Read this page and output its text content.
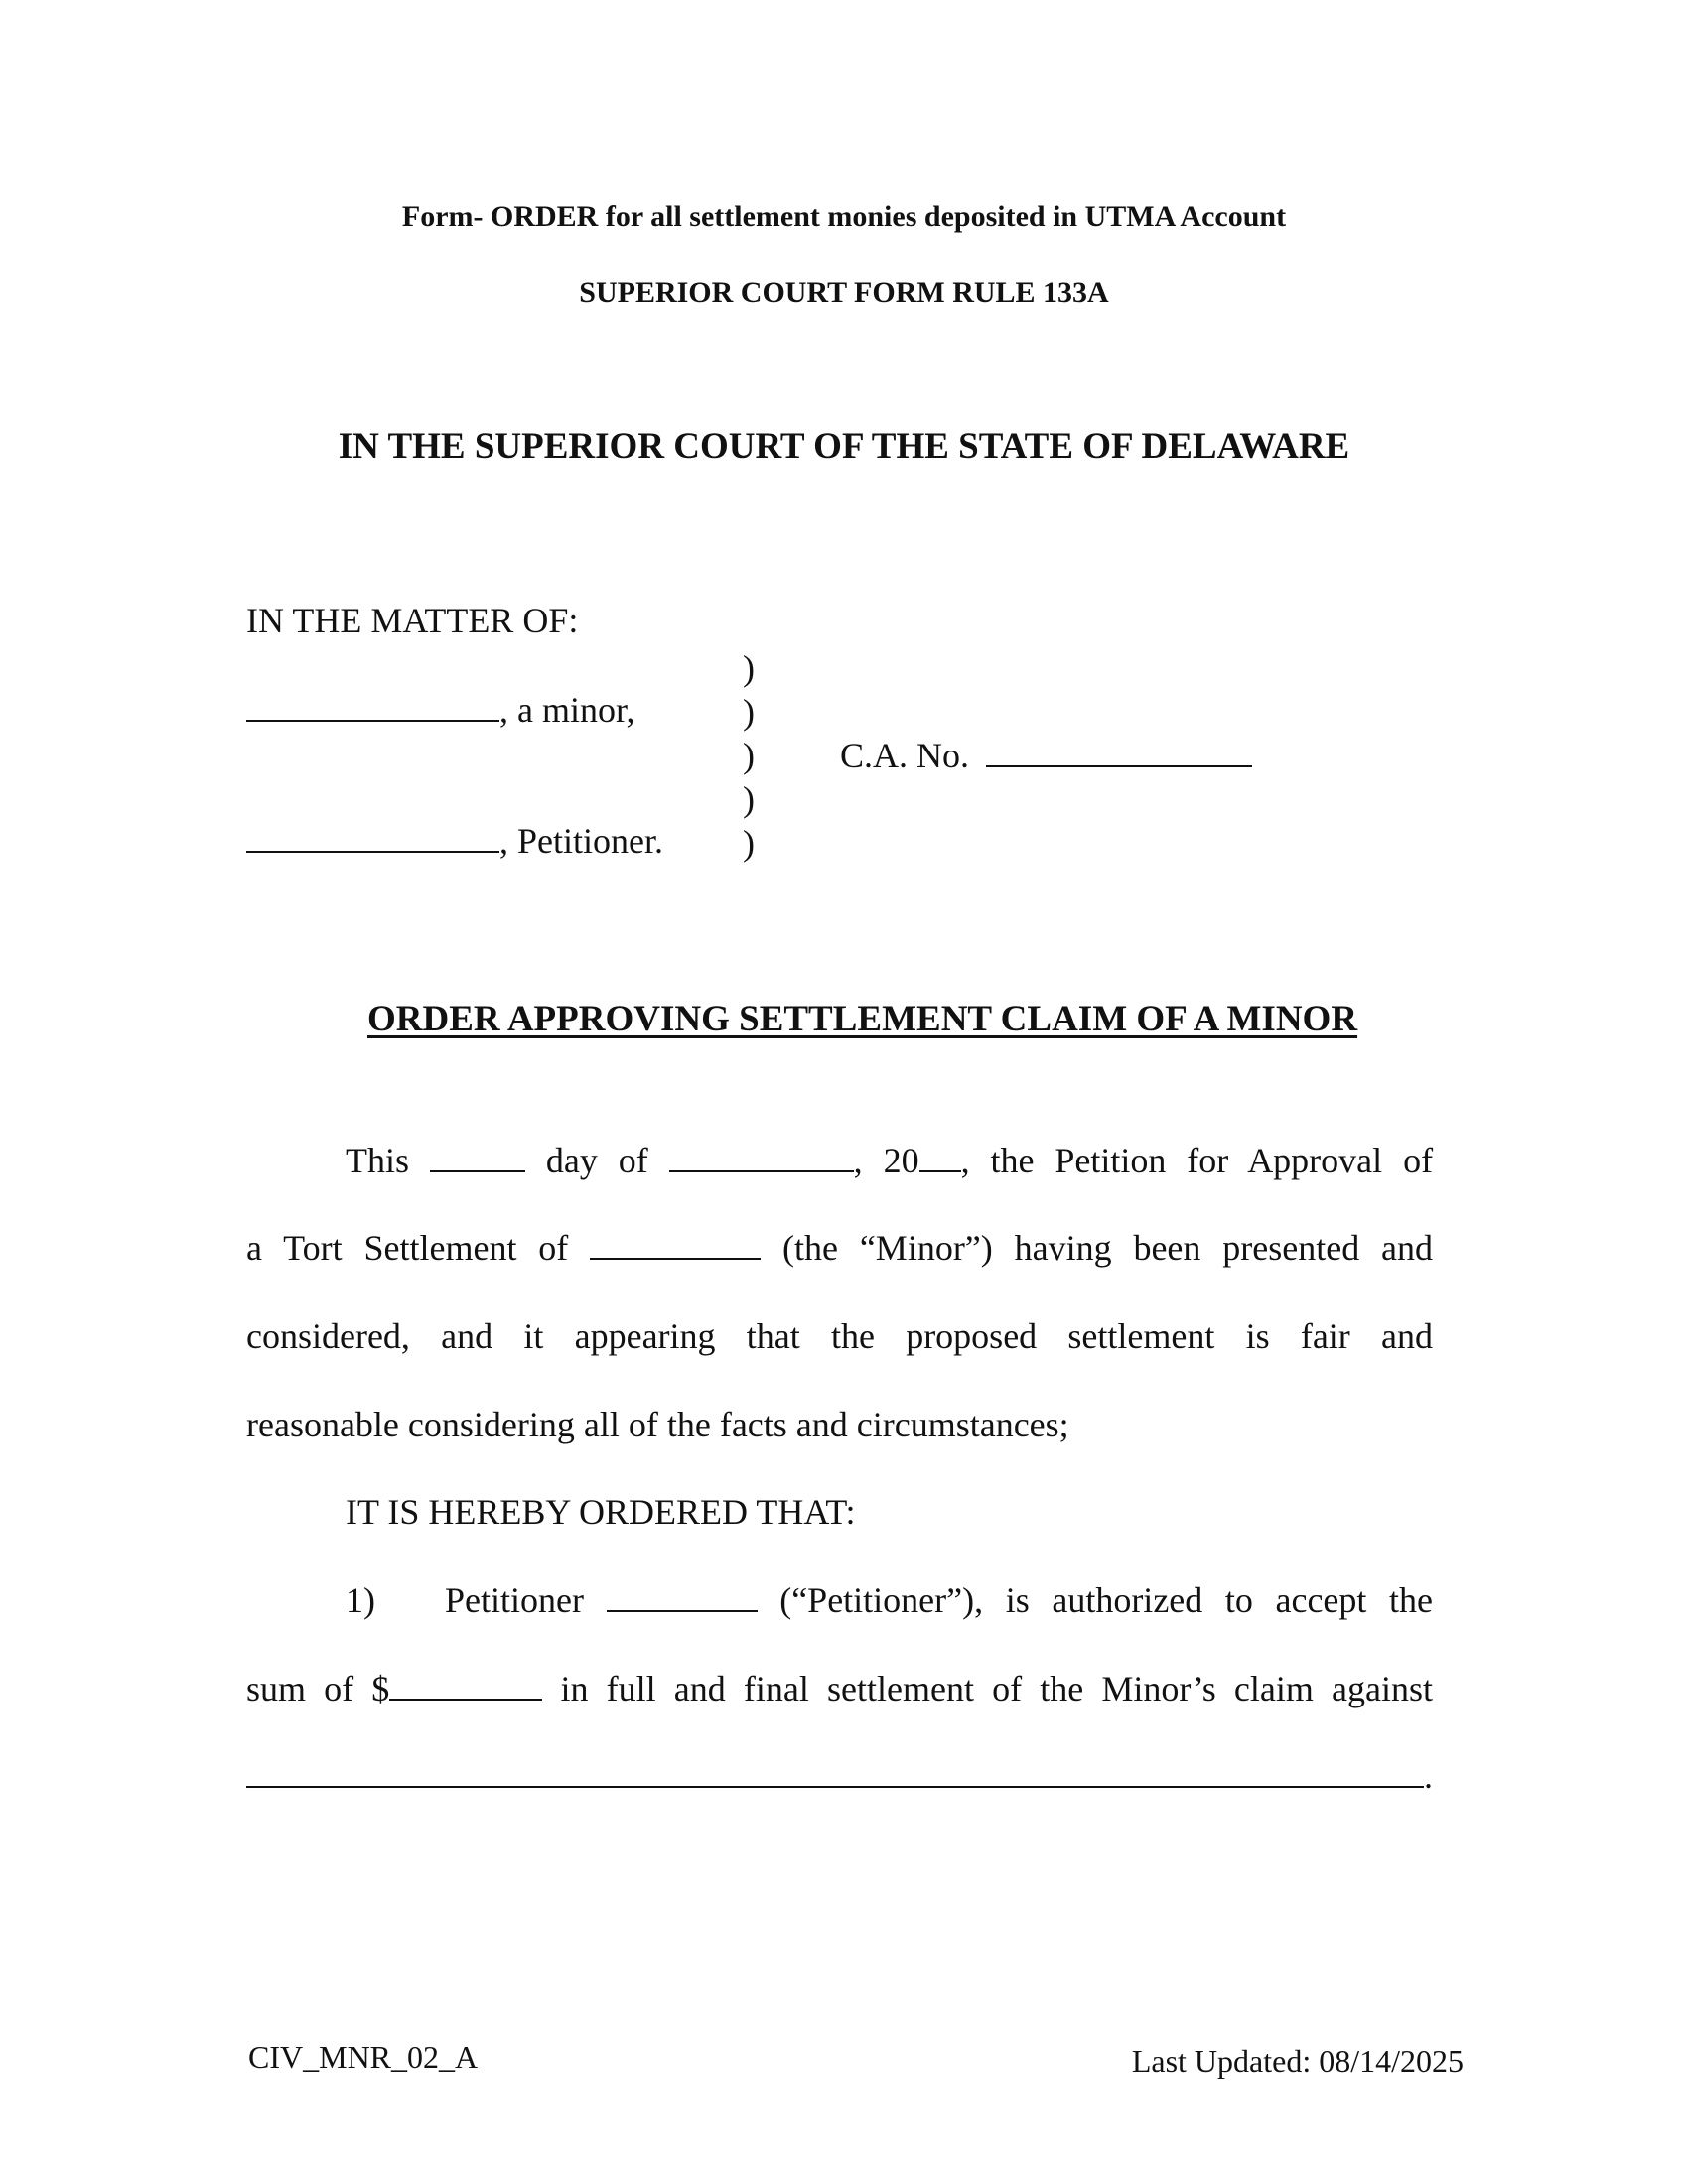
Form- ORDER for all settlement monies deposited in UTMA Account
SUPERIOR COURT FORM RULE 133A
IN THE SUPERIOR COURT OF THE STATE OF DELAWARE
IN THE MATTER OF:
, a minor,
, Petitioner.
)
)
)
)
)
C.A. No.
ORDER APPROVING SETTLEMENT CLAIM OF A MINOR
This	day of	, 20 , the Petition for Approval of
a Tort Settlement of	(the “Minor”) having been presented and
considered, and it appearing that the proposed settlement is fair and
reasonable considering all of the facts and circumstances;
IT IS HEREBY ORDERED THAT:
1) Petitioner	(“Petitioner”), is authorized to accept the
sum of $	in full and final settlement of the Minor’s claim against
.
CIV_MNR_02_A	Last Updated: 08/14/2025
